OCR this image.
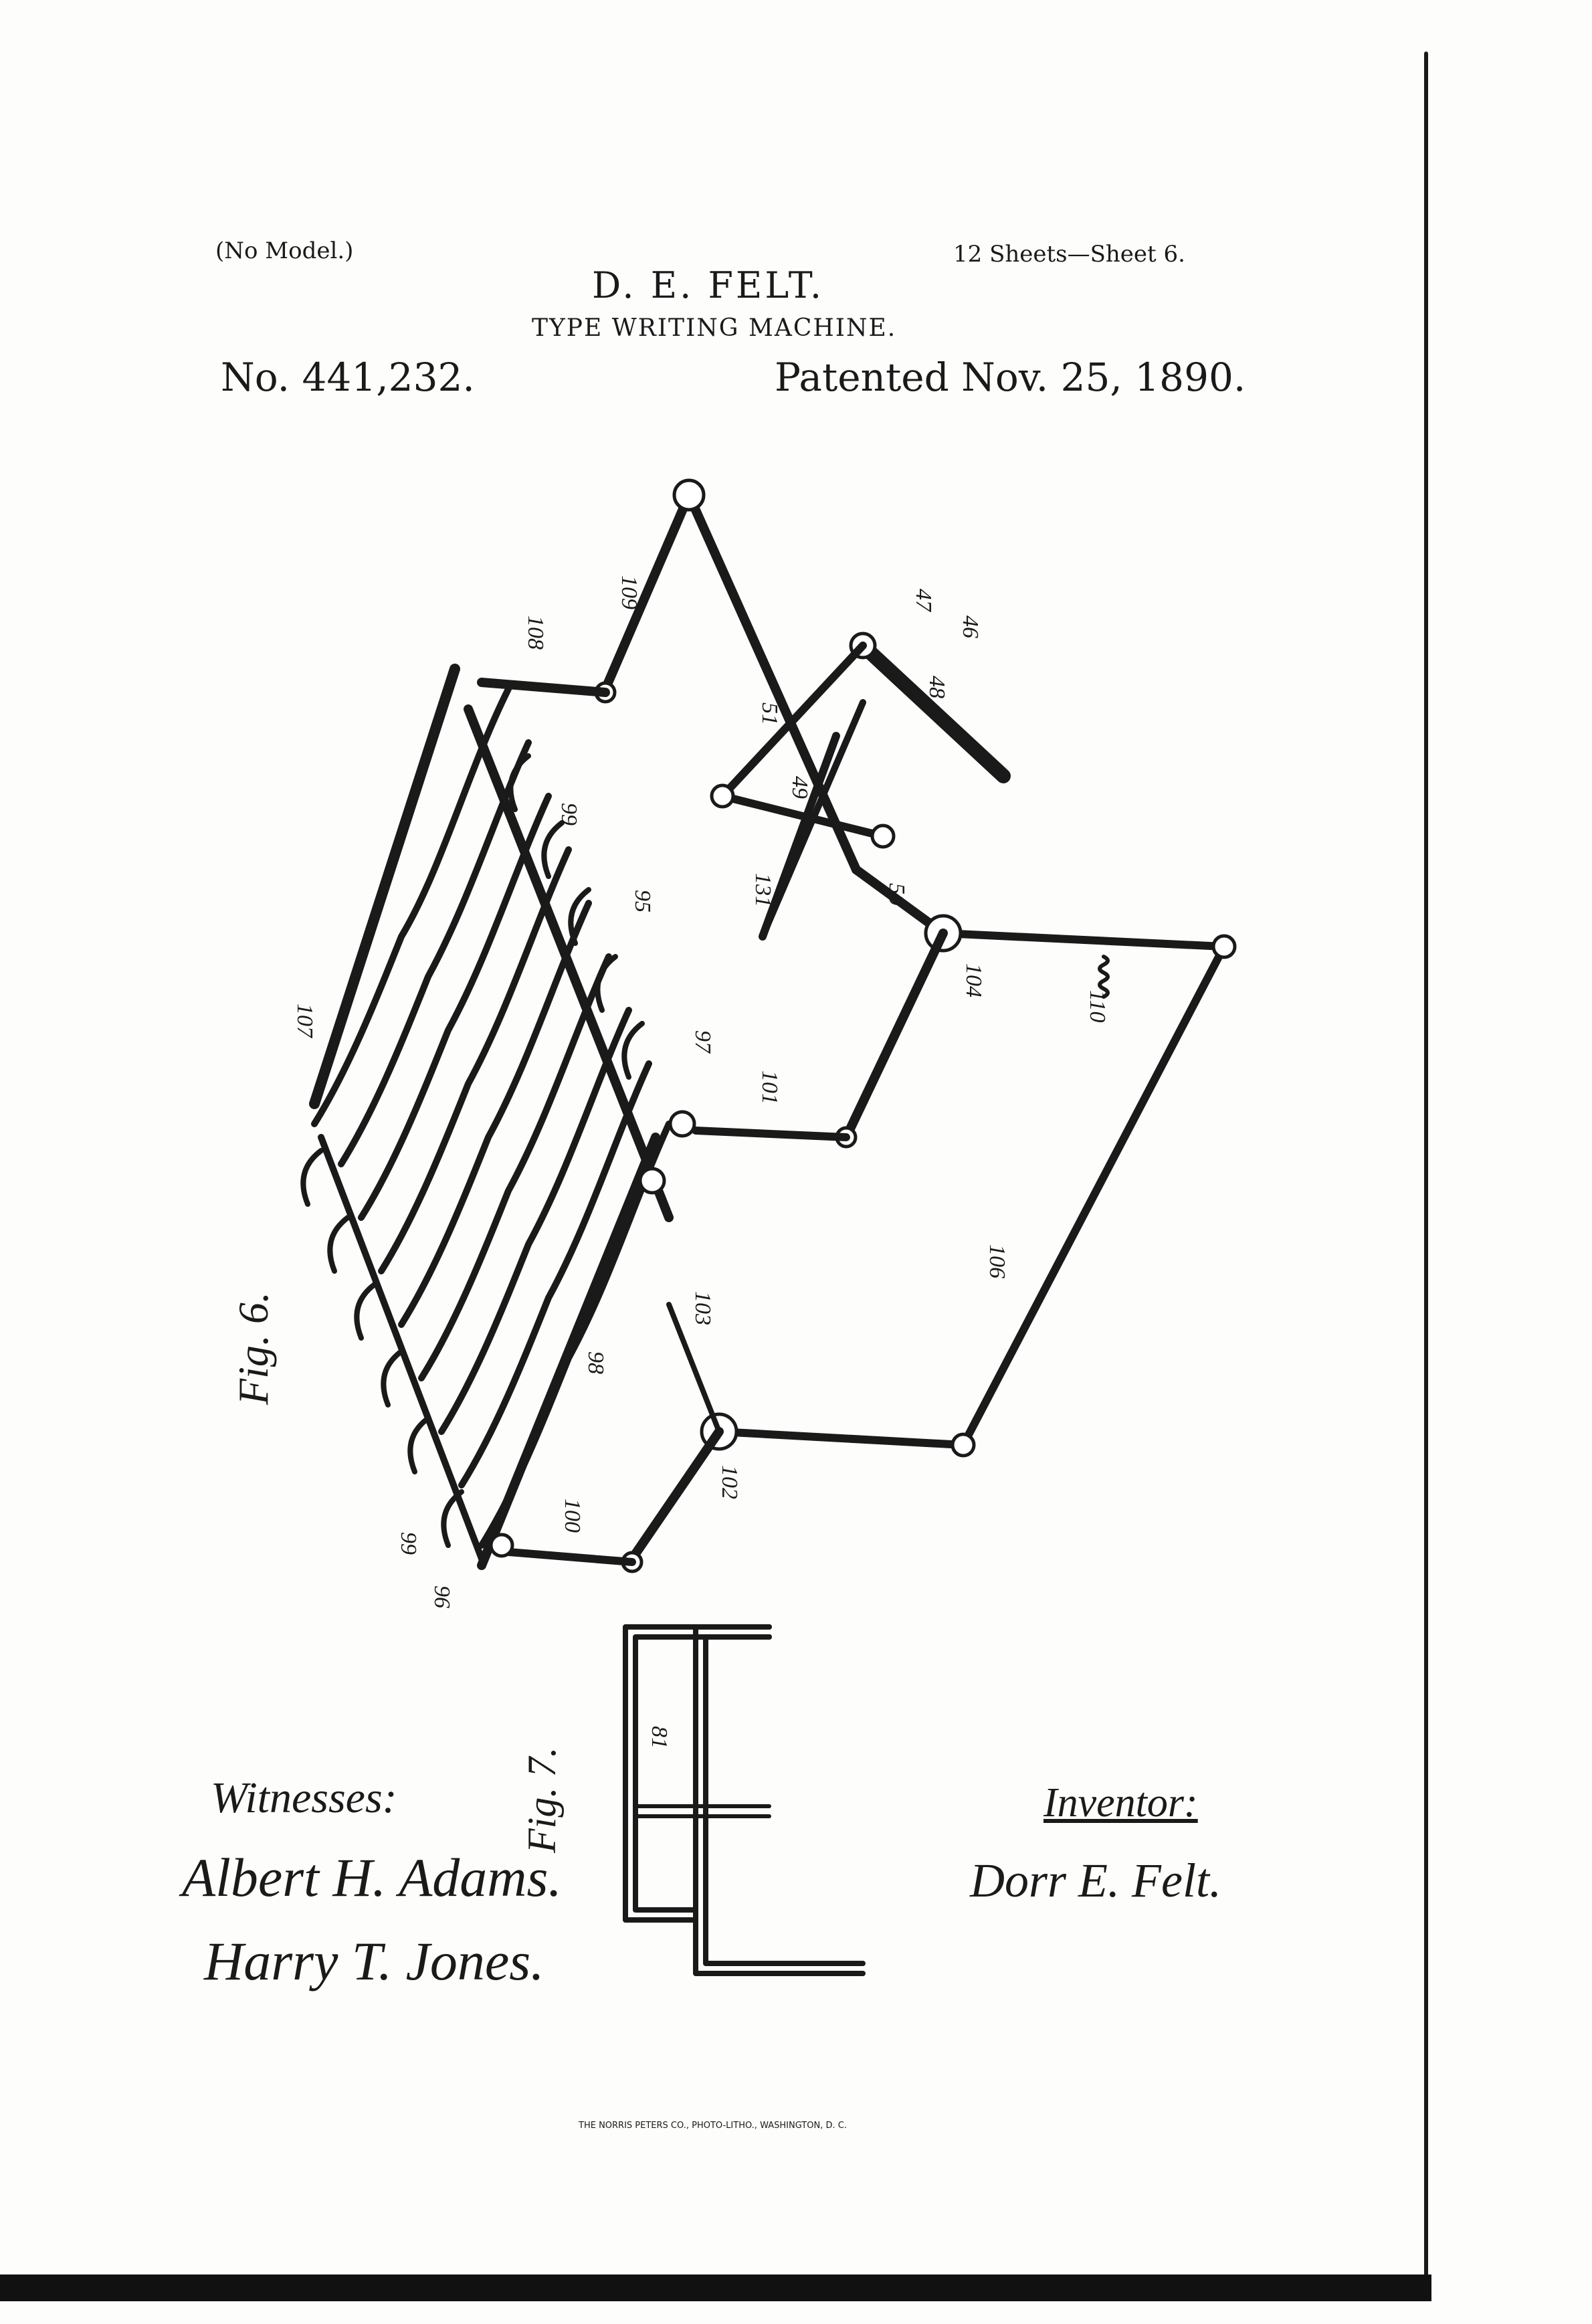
(No Model.)	12 Sheets—Sheet 6.
D. E. FELT.
TYPE WRITING MACHINE.
No. 441,232.	Patented Nov. 25, 1890.
109
108
47
46
48
51
49
131	50
104
110
99
95
107
97
101
106
103
98
102
100
99
96
81
Fig. 6.
Fig. 7.
Witnesses:
Albert H. Adams.
Harry T. Jones.
Inventor:
Dorr E. Felt.
THE NORRIS PETERS CO., PHOTO-LITHO., WASHINGTON, D. C.
